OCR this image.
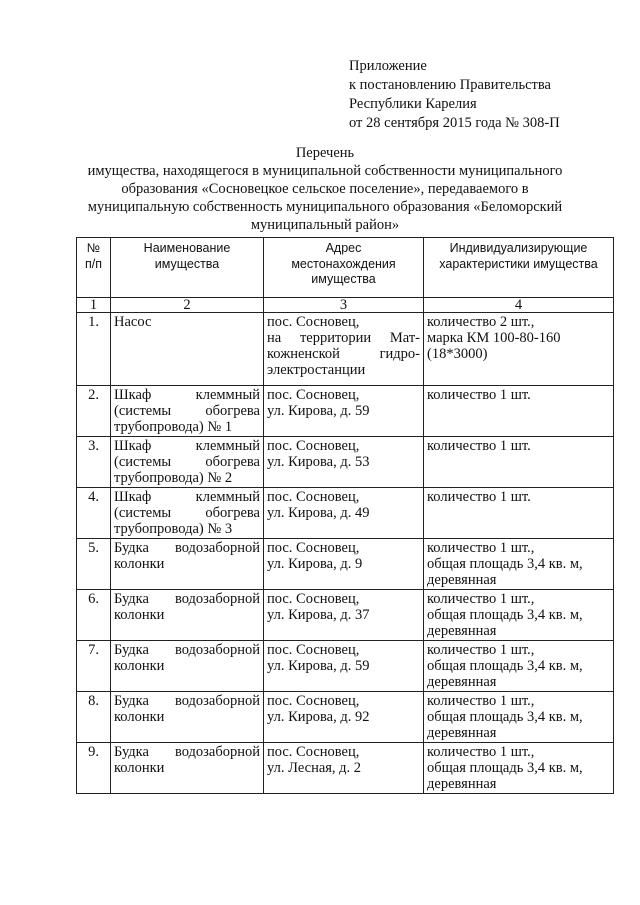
Приложение
к постановлению Правительства
Республики Карелия
от 28 сентября 2015 года № 308-П
Перечень
имущества, находящегося в муниципальной собственности муниципального
образования «Сосновецкое сельское поселение», передаваемого в
муниципальную собственность муниципального образования «Беломорский
муниципальный район»
№
п/п	Наименование
имущества	Адрес
местонахождения
имущества	Индивидуализирующие
характеристики имущества

1	2	3	4
1.	Насос	пос. Сосновец,
на территории Мат-
кожненской гидро-
электростанции	количество 2 шт.,
марка КМ 100-80-160
(18*3000)

2.	Шкаф клеммный
(системы обогрева
трубопровода) № 1	пос. Сосновец,
ул. Кирова, д. 59	количество 1 шт.

3.	Шкаф клеммный
(системы обогрева
трубопровода) № 2	пос. Сосновец,
ул. Кирова, д. 53	количество 1 шт.

4.	Шкаф клеммный
(системы обогрева
трубопровода) № 3	пос. Сосновец,
ул. Кирова, д. 49	количество 1 шт.

5.	Будка водозаборной
колонки	пос. Сосновец,
ул. Кирова, д. 9	количество 1 шт.,
общая площадь 3,4 кв. м,
деревянная

6.	Будка водозаборной
колонки	пос. Сосновец,
ул. Кирова, д. 37	количество 1 шт.,
общая площадь 3,4 кв. м,
деревянная

7.	Будка водозаборной
колонки	пос. Сосновец,
ул. Кирова, д. 59	количество 1 шт.,
общая площадь 3,4 кв. м,
деревянная

8.	Будка водозаборной
колонки	пос. Сосновец,
ул. Кирова, д. 92	количество 1 шт.,
общая площадь 3,4 кв. м,
деревянная

9.	Будка водозаборной
колонки	пос. Сосновец,
ул. Лесная, д. 2	количество 1 шт.,
общая площадь 3,4 кв. м,
деревянная
